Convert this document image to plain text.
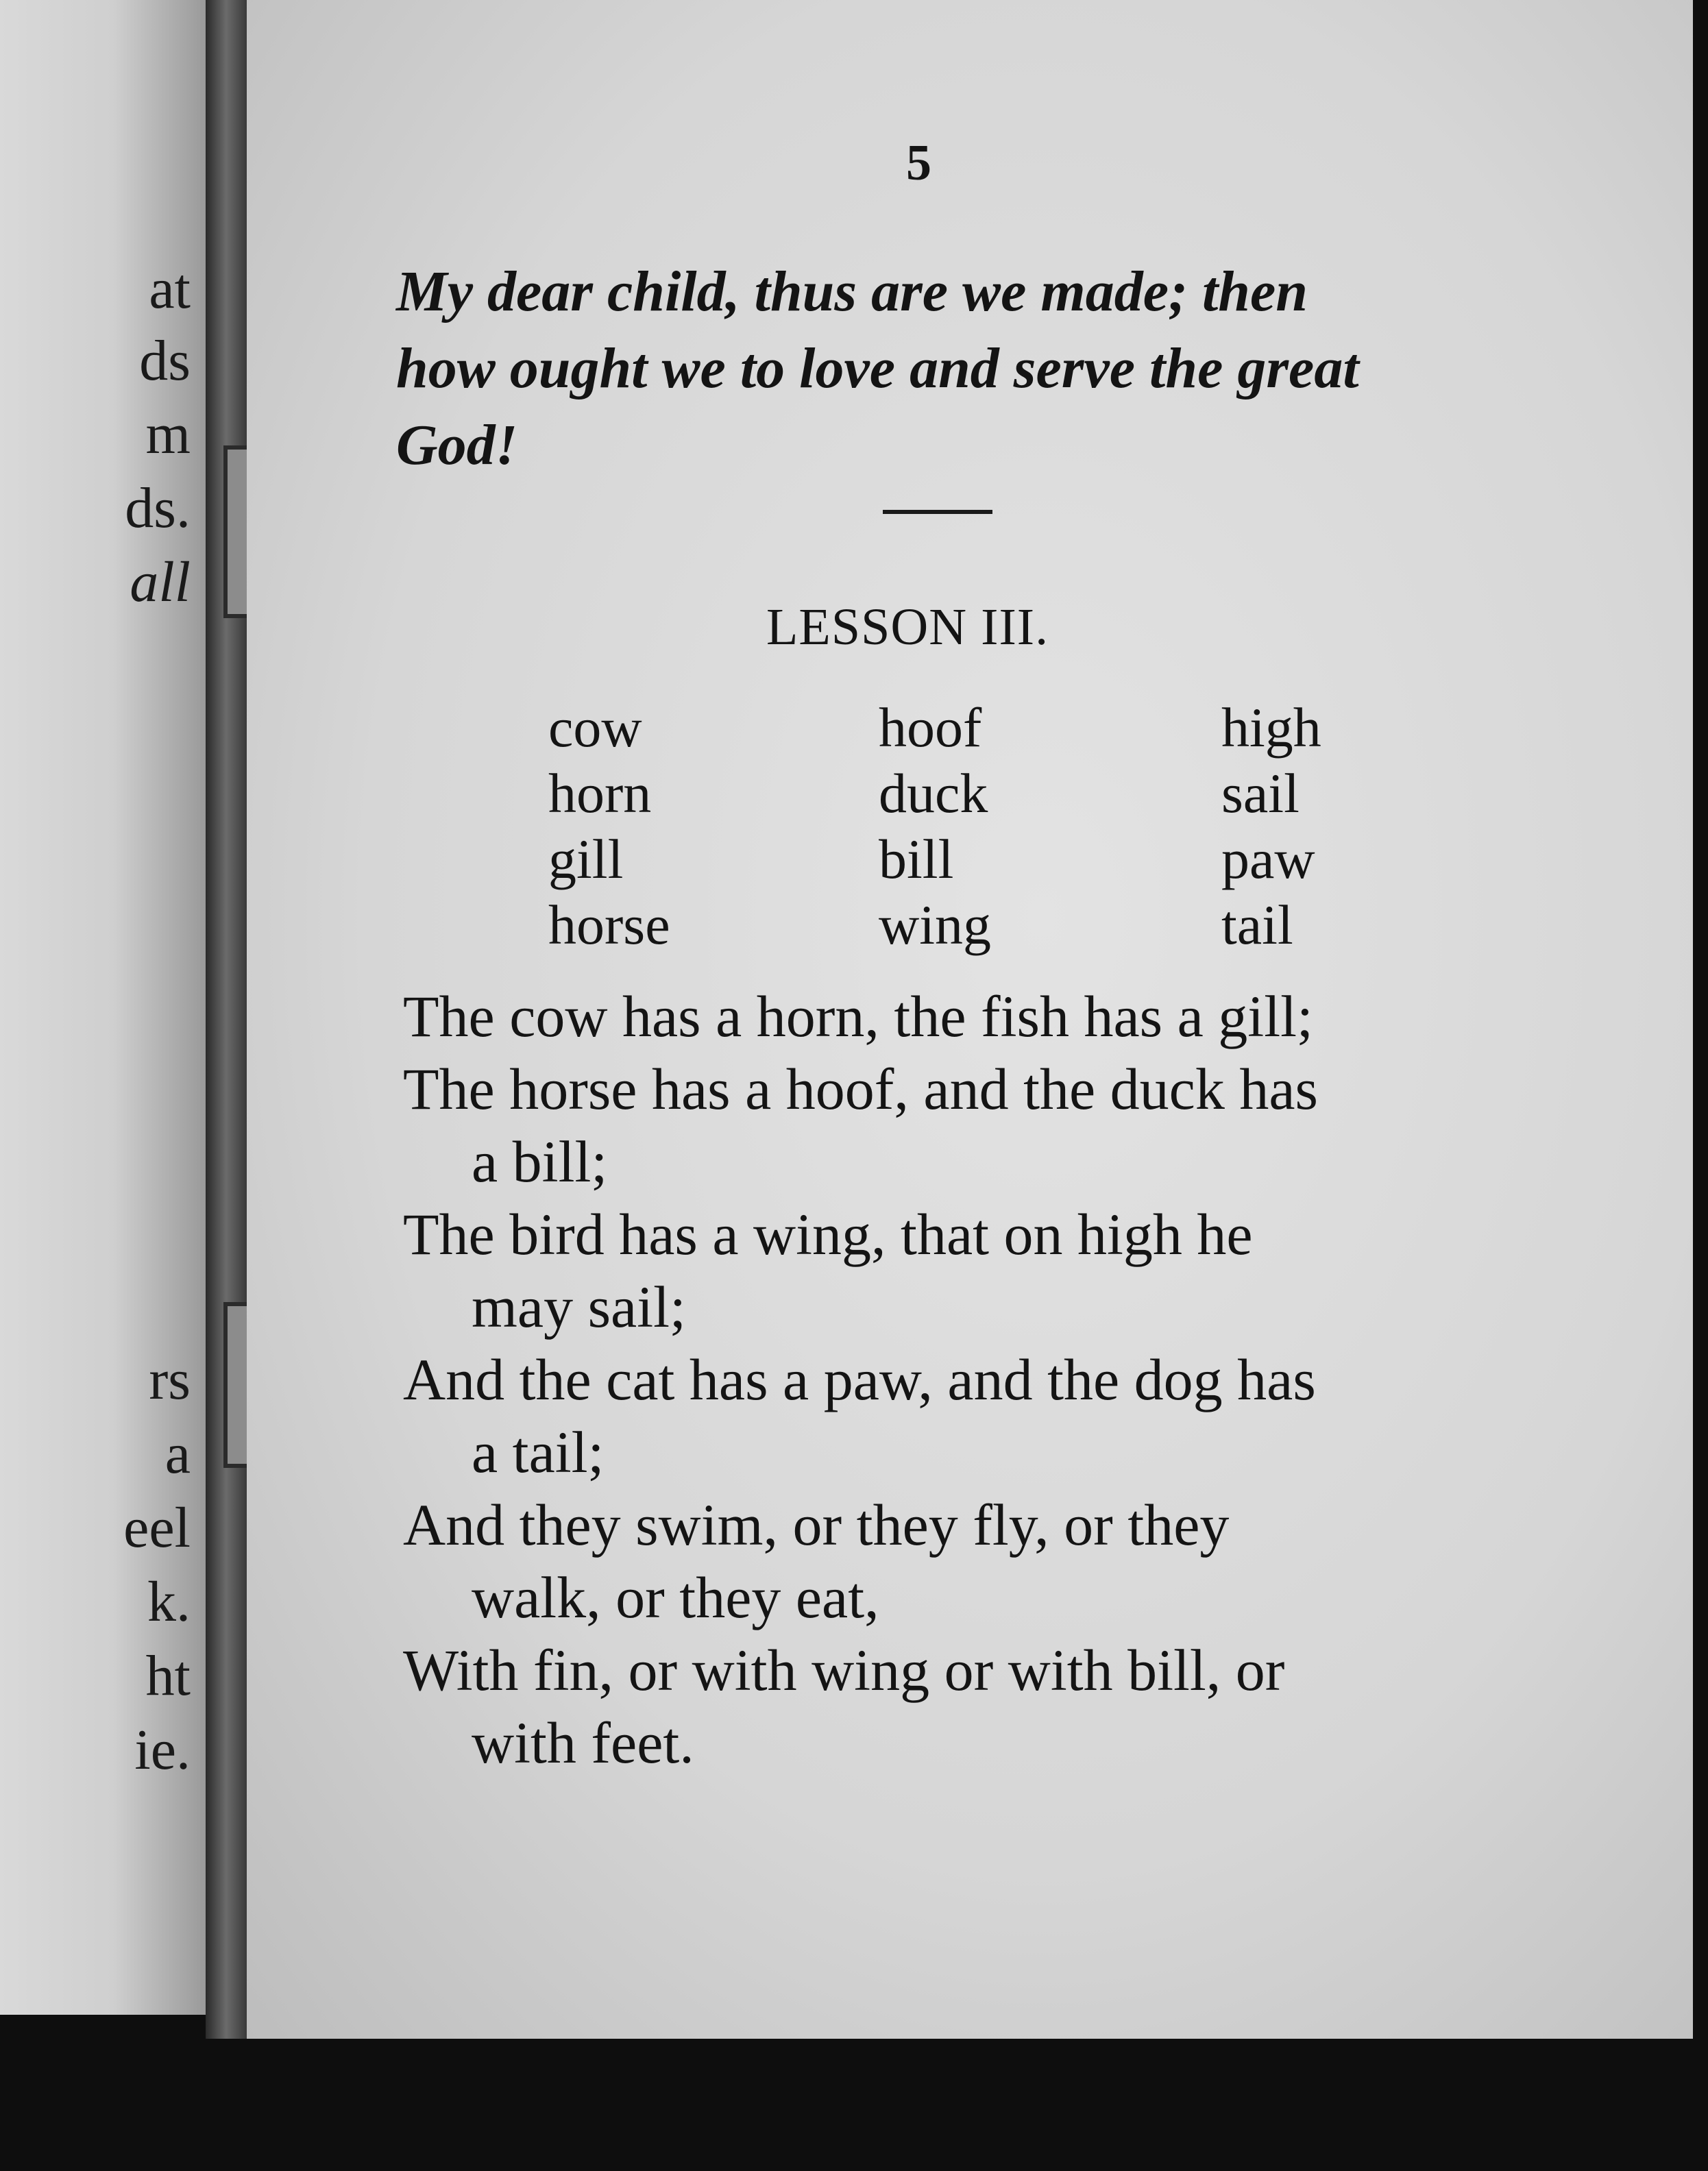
at
ds
m
ds.
all
rs
a
eel
k.
ht
ie.
5
My dear child, thus are we made; then
how ought we to love and serve the great
God!
LESSON III.
cow
horn
gill
horse
hoof
duck
bill
wing
high
sail
paw
tail
The cow has a horn, the fish has a gill;
The horse has a hoof, and the duck has
a bill;
The bird has a wing, that on high he
may sail;
And the cat has a paw, and the dog has
a tail;
And they swim, or they fly, or they
walk, or they eat,
With fin, or with wing or with bill, or
with feet.
